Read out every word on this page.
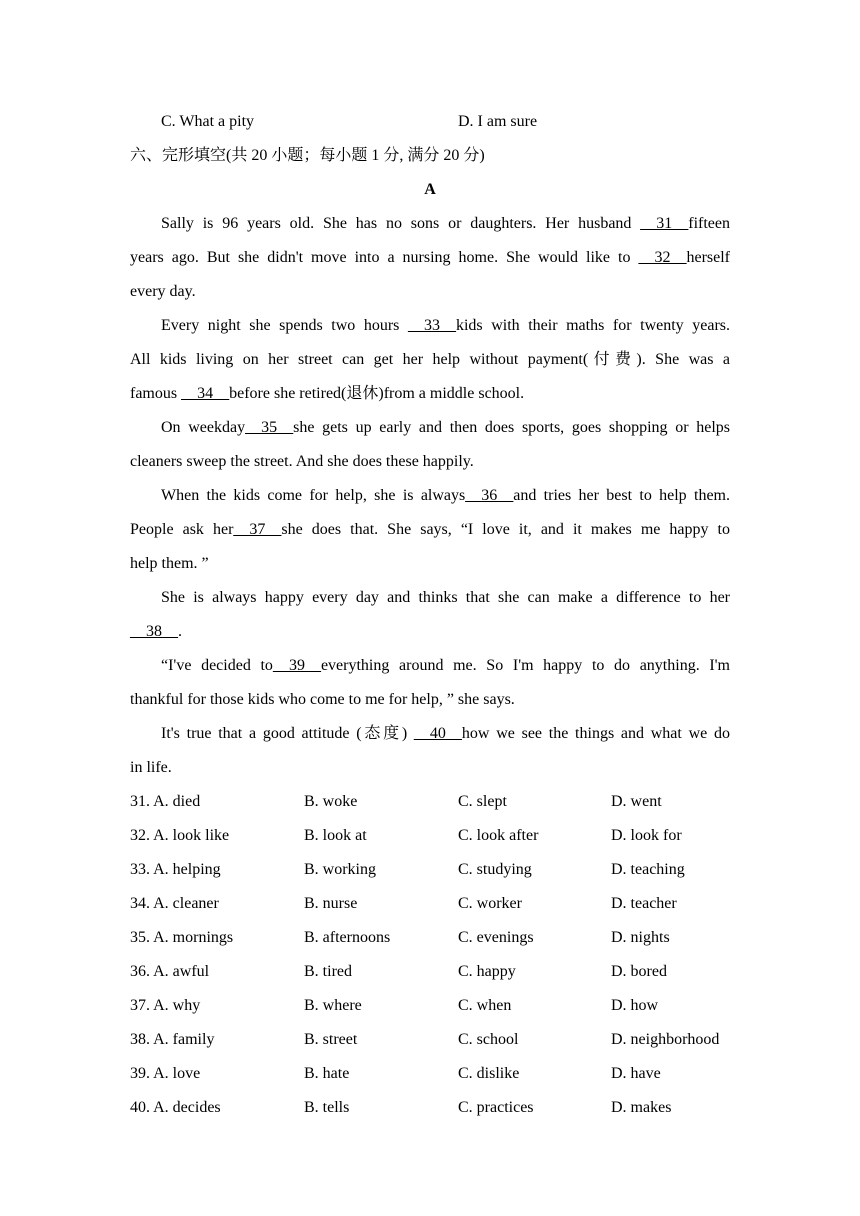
C. What a pity	D. I am sure
六、完形填空(共 20 小题；每小题 1 分, 满分 20 分)
A
Sally is 96 years old. She has no sons or daughters. Her husband __31__fifteen
years ago. But she didn't move into a nursing home. She would like to __32__herself
every day.
Every night she spends two hours __33__kids with their maths for twenty years.
All kids living on her street can get her help without payment(付费). She was a
famous __34__before she retired(退休)from a middle school.
On weekday__35__she gets up early and then does sports, goes shopping or helps
cleaners sweep the street. And she does these happily.
When the kids come for help, she is always__36__and tries her best to help them.
People ask her__37__she does that. She says, “I love it, and it makes me happy to
help them. ”
She is always happy every day and thinks that she can make a difference to her
__38__.
“I've decided to__39__everything around me. So I'm happy to do anything. I'm
thankful for those kids who come to me for help, ” she says.
It's true that a good attitude (态度) __40__how we see the things and what we do
in life.
31. A. died	B. woke	C. slept	D. went
32. A. look like	B. look at	C. look after	D. look for
33. A. helping	B. working	C. studying	D. teaching
34. A. cleaner	B. nurse	C. worker	D. teacher
35. A. mornings	B. afternoons	C. evenings	D. nights
36. A. awful	B. tired	C. happy	D. bored
37. A. why	B. where	C. when	D. how
38. A. family	B. street	C. school	D. neighborhood
39. A. love	B. hate	C. dislike	D. have
40. A. decides	B. tells	C. practices	D. makes
